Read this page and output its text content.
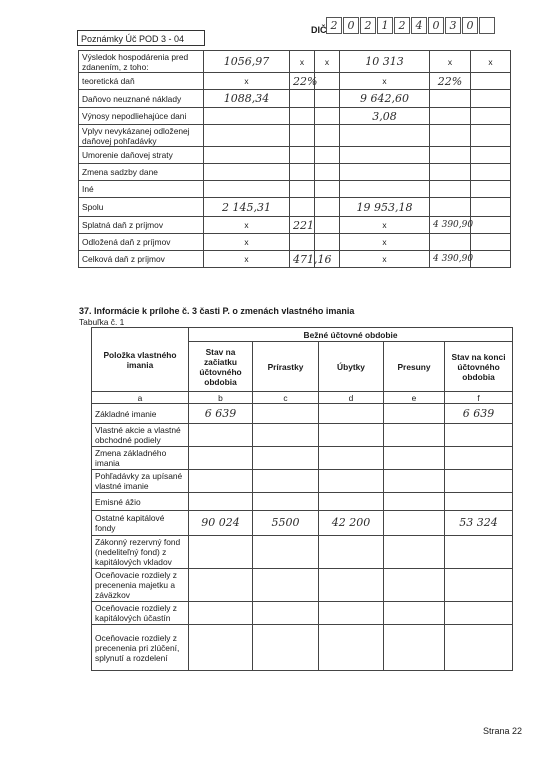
Poznámky Úč POD 3 - 04
DIČ 2 0 2 1 2 4 0 3 0
Výsledok hospodárenia pred zdanením, z toho:	1056,97	x	x	10 313	x	x
teoretická daň	x	22%		x	22%	
Daňovo neuznané náklady	1088,34			9 642,60		
Výnosy nepodliehajúce dani				3,08		
Vplyv nevykázanej odloženej daňovej pohľadávky						
Umorenie daňovej straty						
Zmena sadzby dane						
Iné						
Spolu	2 145,31			19 953,18		
Splatná daň z príjmov	x	221		x	4 390,90	
Odložená daň z príjmov	x			x		
Celková daň z príjmov	x	471,16		x	4 390,90	
37. Informácie k prílohe č. 3 časti P. o zmenách vlastného imania
Tabuľka č. 1
Položka vlastného imania	Bežné účtovné obdobie				
	Stav na začiatku účtovného obdobia	Prírastky	Úbytky	Presuny	Stav na konci účtovného obdobia
a	b	c	d	e	f
Základné imanie	6 639				6 639
Vlastné akcie a vlastné obchodné podiely					
Zmena základného imania					
Pohľadávky za upísané vlastné imanie					
Emisné ážio					
Ostatné kapitálové fondy	90 024	5500	42 200		53 324
Zákonný rezervný fond (nedeliteľný fond) z kapitálových vkladov					
Oceňovacie rozdiely z precenenia majetku a záväzkov					
Oceňovacie rozdiely z kapitálových účastín					
Oceňovacie rozdiely z precenenia pri zlúčení, splynutí a rozdelení					
Strana 22
